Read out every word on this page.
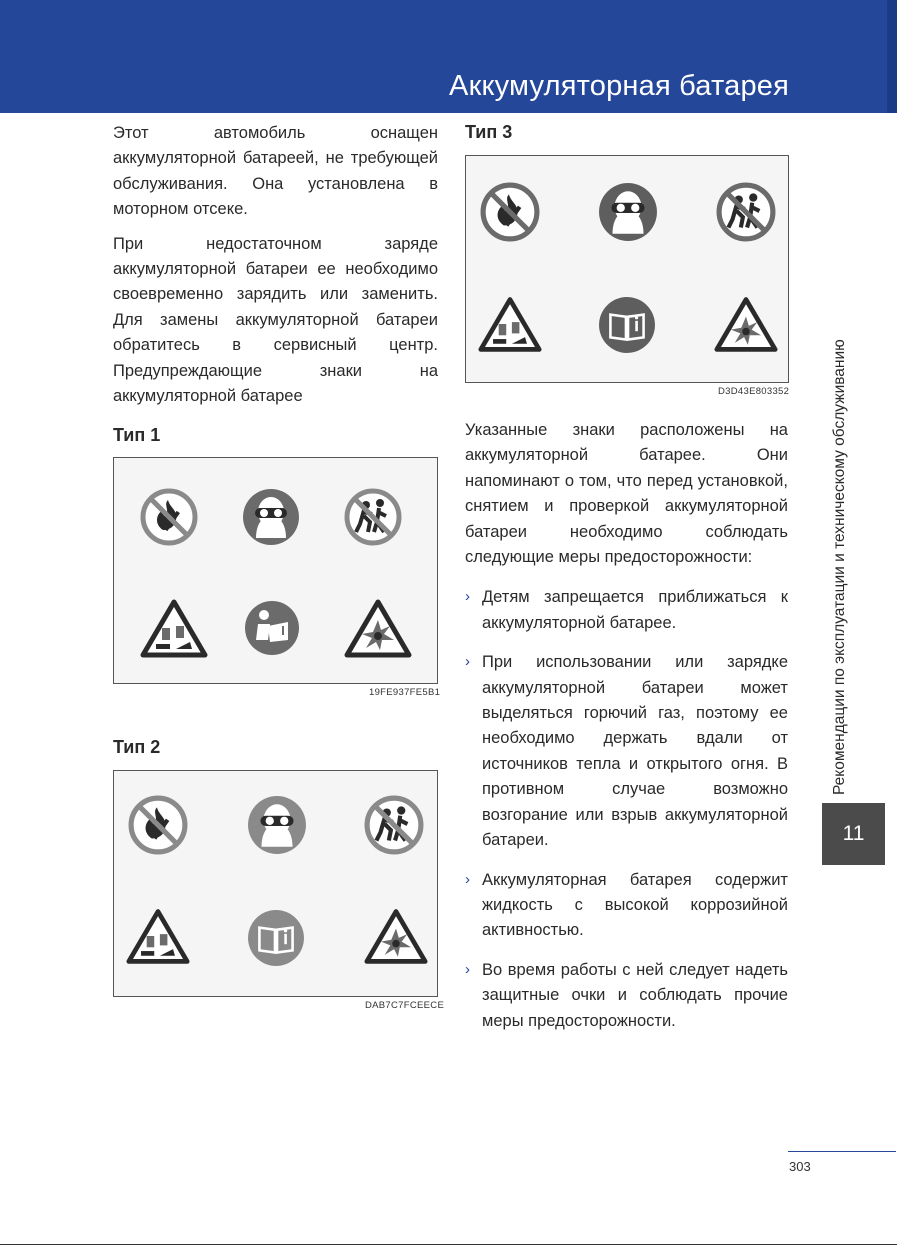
Аккумуляторная батарея

Этот автомобиль оснащен аккумуляторной батареей, не требующей обслуживания. Она установлена в моторном отсеке.

При недостаточном заряде аккумуляторной батареи ее необходимо своевременно зарядить или заменить. Для замены аккумуляторной батареи обратитесь в сервисный центр. Предупреждающие знаки на аккумуляторной батарее

Тип 1
19FE937FE5B1
Тип 2
DAB7C7FCEECE
Тип 3
D3D43E803352

Указанные знаки расположены на аккумуляторной батарее. Они напоминают о том, что перед установкой, снятием и проверкой аккумуляторной батареи необходимо соблюдать следующие меры предосторожности:

› Детям запрещается приближаться к аккумуляторной батарее.
› При использовании или зарядке аккумуляторной батареи может выделяться горючий газ, поэтому ее необходимо держать вдали от источников тепла и открытого огня. В противном случае возможно возгорание или взрыв аккумуляторной батареи.
› Аккумуляторная батарея содержит жидкость с высокой коррозийной активностью.
› Во время работы с ней следует надеть защитные очки и соблюдать прочие меры предосторожности.
Рекомендации по эксплуатации и техническому обслуживанию
11
303
